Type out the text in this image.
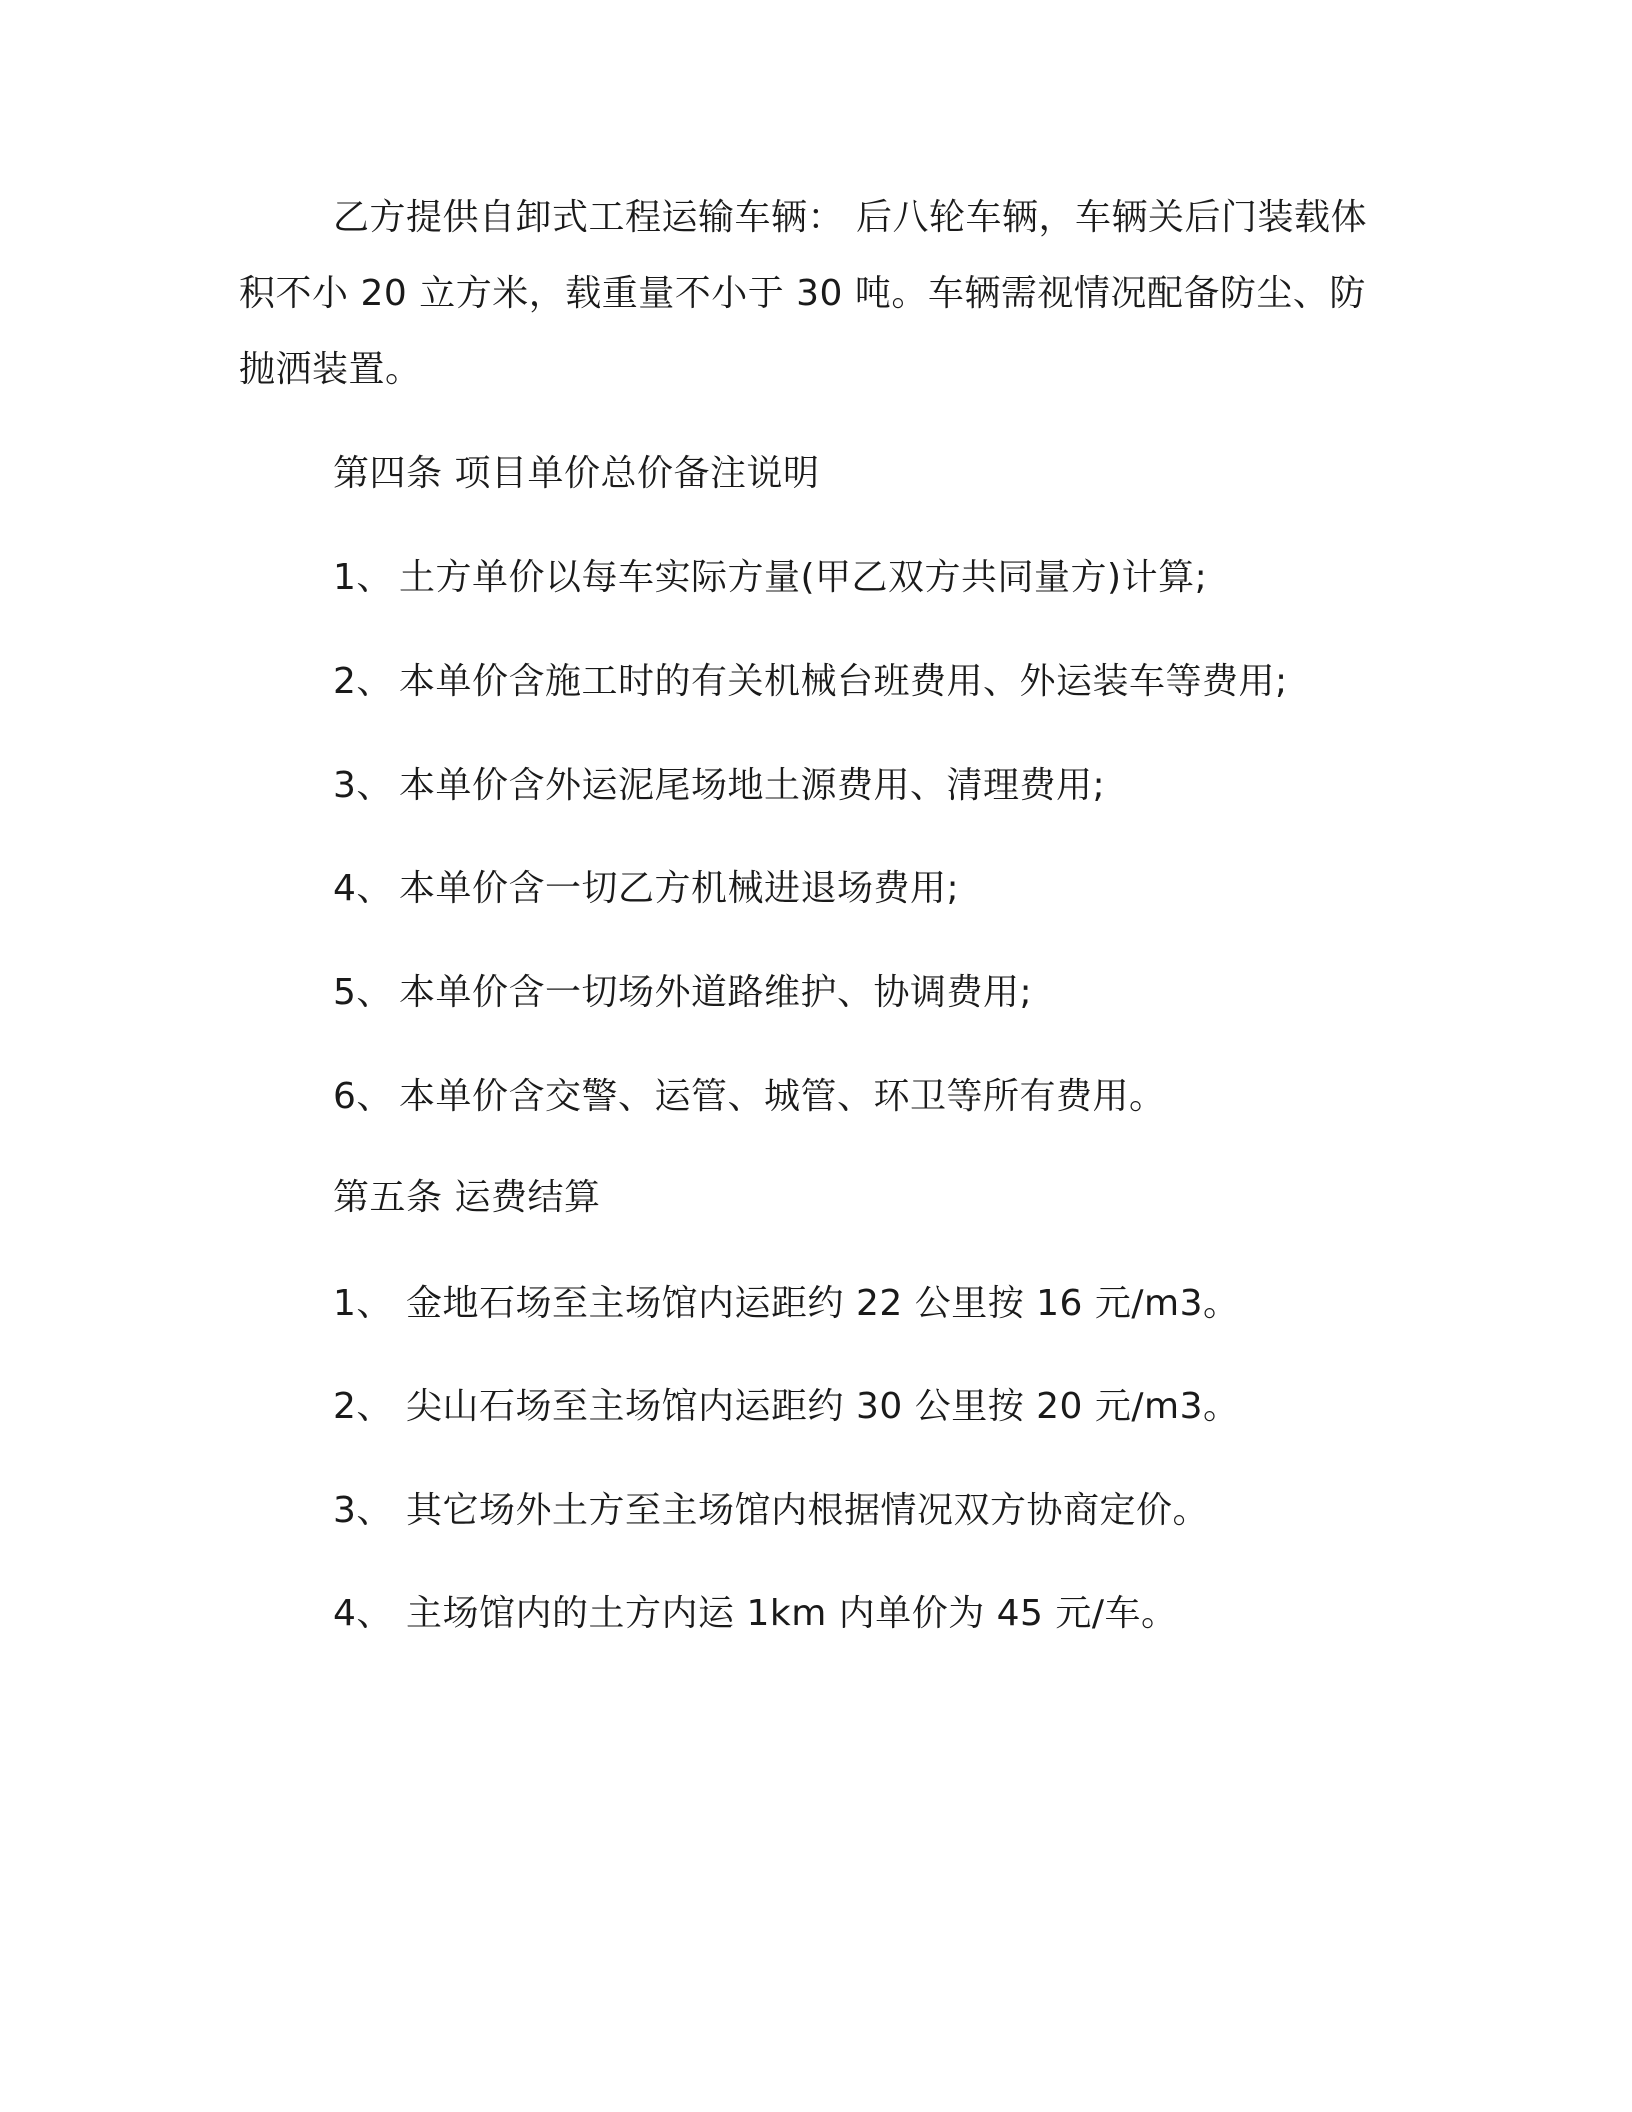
乙方提供自卸式工程运输车辆： 后八轮车辆，车辆关后门装载体
积不小 20 立方米，载重量不小于 30 吨。车辆需视情况配备防尘、防
抛洒装置。
第四条 项目单价总价备注说明
1、 土方单价以每车实际方量(甲乙双方共同量方)计算;
2、 本单价含施工时的有关机械台班费用、外运装车等费用;
3、 本单价含外运泥尾场地土源费用、清理费用;
4、 本单价含一切乙方机械进退场费用;
5、 本单价含一切场外道路维护、协调费用;
6、 本单价含交警、运管、城管、环卫等所有费用。
第五条 运费结算
1、 金地石场至主场馆内运距约 22 公里按 16 元/m3。
2、 尖山石场至主场馆内运距约 30 公里按 20 元/m3。
3、 其它场外土方至主场馆内根据情况双方协商定价。
4、 主场馆内的土方内运 1km 内单价为 45 元/车。
